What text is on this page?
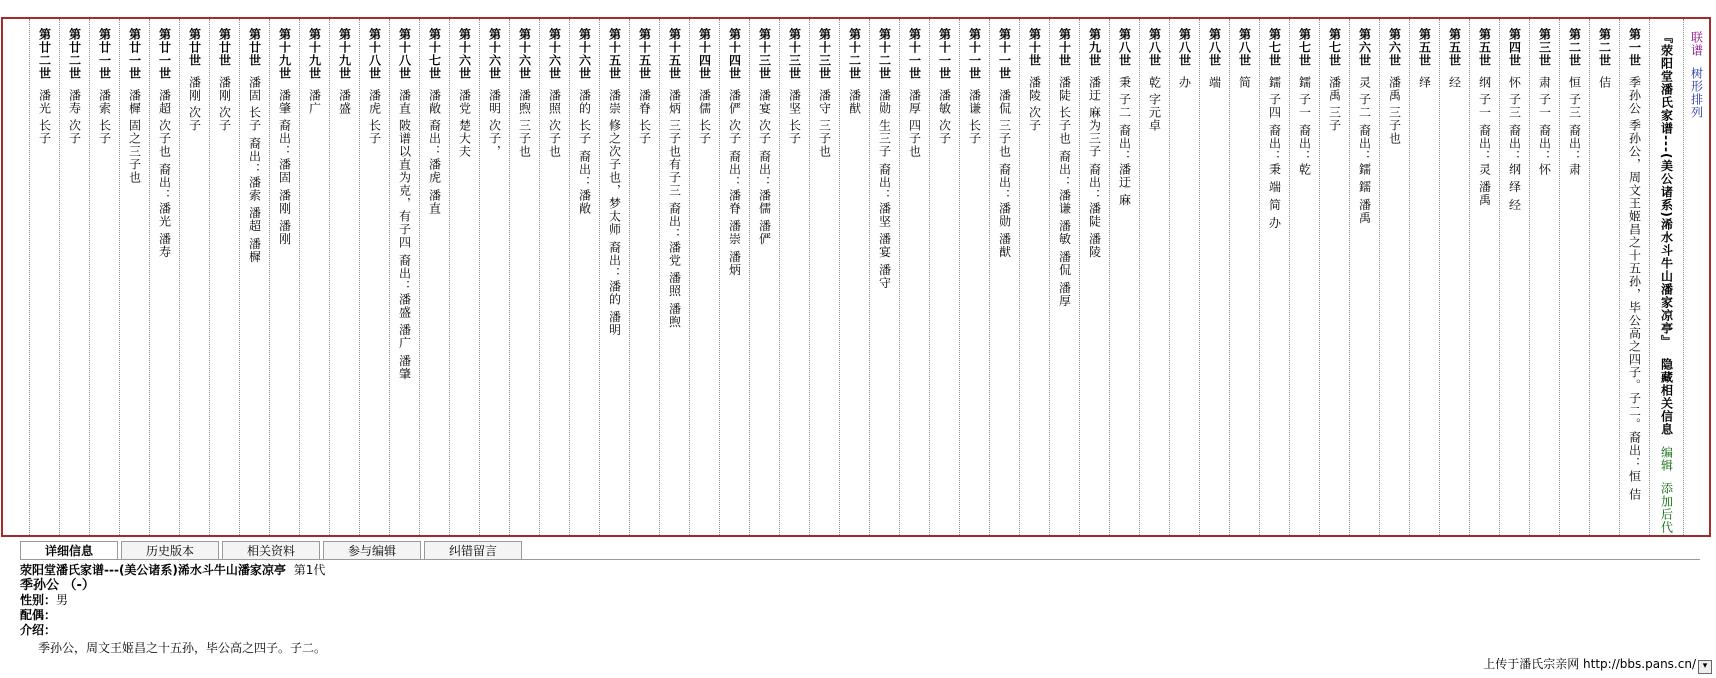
联谱
树形排列
『荥阳堂潘氏家谱---(美公诸系)浠水斗牛山潘家凉亭』
隐藏相关信息
编辑
添加后代
第一世
季孙公
季孙公，周文王姬昌之十五孙，毕公高之四子。子二。裔出：恒 佶
第二世
佶
第二世
恒
子三 裔出：肃
第三世
肃
子一 裔出：怀
第四世
怀
子三 裔出：纲 绎 经
第五世
纲
子一 裔出：灵 潘禹
第五世
经
第五世
绎
第六世
潘禹
三子也
第六世
灵
子二 裔出：鑐 鑐 潘禹
第七世
潘禹
三子
第七世
鑐
子一 裔出：乾
第七世
鑐
子四 裔出：秉 端 简 办
第八世
简
第八世
端
第八世
办
第八世
乾
字元卓
第八世
秉
子二 裔出：潘迂 麻
第九世
潘迂
麻为三子 裔出：潘陡 潘陵
第十世
潘陡
长子也 裔出：潘谦 潘敏 潘侃 潘厚
第十世
潘陵
次子
第十一世
潘侃
三子也 裔出：潘勋 潘猷
第十一世
潘谦
长子
第十一世
潘敏
次子
第十一世
潘厚
四子也
第十二世
潘勋
生三子 裔出：潘坚 潘宴 潘守
第十二世
潘猷
第十三世
潘守
三子也
第十三世
潘坚
长子
第十三世
潘宴
次子 裔出：潘儒 潘俨
第十四世
潘俨
次子 裔出：潘脊 潘崇 潘炳
第十四世
潘儒
长子
第十五世
潘炳
三子也有子三 裔出：潘党 潘照 潘煦
第十五世
潘脊
长子
第十五世
潘崇
修之次子也，梦太师 裔出：潘的 潘明
第十六世
潘的
长子 裔出：潘敞
第十六世
潘照
次子也
第十六世
潘煦
三子也
第十六世
潘明
次子，
第十六世
潘党
楚大夫
第十七世
潘敞
裔出：潘虎 潘直
第十八世
潘直
陂谱以直为克，有子四 裔出：潘盛 潘广 潘肇
第十八世
潘虎
长子
第十九世
潘盛
第十九世
潘广
第十九世
潘肇
裔出：潘固 潘刚 潘刚
第廿世
潘固
长子 裔出：潘索 潘超 潘樨
第廿世
潘刚
次子
第廿世
潘刚
次子
第廿一世
潘超
次子也 裔出：潘光 潘寿
第廿一世
潘樨
固之三子也
第廿一世
潘索
长子
第廿二世
潘寿
次子
第廿二世
潘光
长子
详细信息	历史版本	相关资料	参与编辑	纠错留言
荥阳堂潘氏家谱---(美公诸系)浠水斗牛山潘家凉亭 第1代
季孙公 （-）
性别：男
配偶：
介绍：
季孙公，周文王姬昌之十五孙，毕公高之四子。子二。
上传于潘氏宗亲网 http://bbs.pans.cn/ ▾
